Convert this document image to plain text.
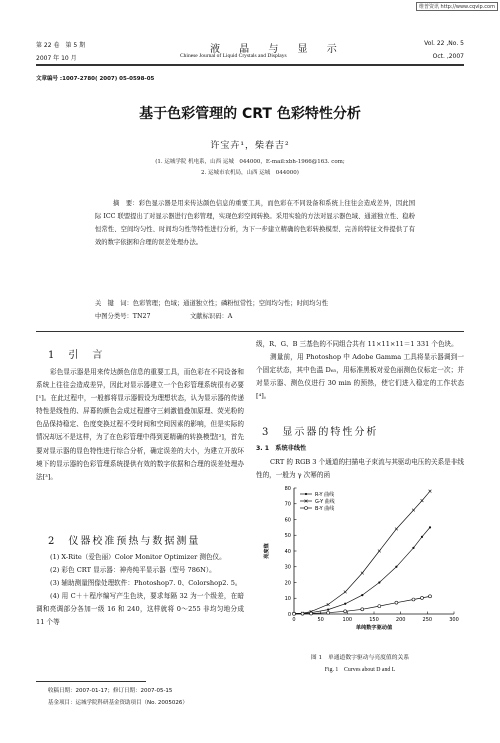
维普资讯 http://www.cqvip.com
第 22 卷　第 5 期
2007 年 10 月
液 晶 与 显 示
Chinese Journal of Liquid Crystals and Displays
Vol. 22 ,No. 5
Oct. ,2007
文章编号 :1007-2780( 2007) 05-0598-05
基于色彩管理的 CRT 色彩特性分析
许宝卉¹，柴春吉²
(1. 运城学院 机电系，山西 运城　044000，E-mail:xbh-1966@163. com;
2. 运城市农机局，山西 运城　044000)
摘　要：彩色显示器是用来传达颜色信息的重要工具，而色彩在不同设备和系统上往往会造成差异，因此国际 ICC 联盟提出了对显示器进行色彩管理，实现色彩空间转换。采用实验的方法对显示器色域、通道独立性、稳粉恒常性、空间均匀性、时间均匀性等特性进行分析，为下一步建立精确的色彩转换模型、完善的特征文件提供了有效的数字依据和合理的误差处理办法。
关　键　词：色彩管理；色域；通道独立性；磷粉恒常性；空间均匀性；时间均匀性
中图分类号：TN27	文献标识码：A
1　引　言
彩色显示器是用来传达颜色信息的重要工具，而色彩在不同设备和系统上往往会造成差异，因此对显示器建立一个色彩管理系统很有必要[¹]。在此过程中，一般都将显示器假设为理想状态，认为显示器的传递特性是线性的、屏幕的颜色会成过程遵守三刺激值叠加原理、荧光粉的色品保持稳定、色度变换过程不受时间和空间因素的影响，但是实际的情况却远不是这样，为了在色彩管理中得到更精确的转换模型[²]，首先要对显示器的显色特性进行综合分析，确定误差的大小，为建立开放环境下的显示器的色彩管理系统提供有效的数字依据和合理的误差处理办法[³]。
2　仪器校准预热与数据测量
(1) X-Rite（爱色丽）Color Monitor Optimizer 测色仪。
(2) 彩色 CRT 显示器：神舟纯平显示器（型号 786N）。
(3) 辅助测量图像处理软件：Photoshop7. 0、Colorshop2. 5。
(4) 用 C＋＋程序编写产生色块，要求每隔 32 为一个级差，在暗调和亮调部分各加一级 16 和 240，这样就将 0～255 非均匀地分成 11 个等
级，R、G、B 三基色的不同组合共有 11×11×11＝1 331 个色块。
测量前，用 Photoshop 中 Adobe Gamma 工具将显示器调到一个固定状态，其中色温 D₆₅，用标准黑板对爱色丽测色仪标定一次；并对显示器、测色仪进行 30 min 的预热，使它们进入稳定的工作状态[⁴]。
3　显示器的特性分析
3. 1　系统非线性
CRT 的 RGB 3 个通道的扫描电子束流与其驱动电压的关系是非线性的，一般为 γ 次幂的函
0	50	100	150	200	250	300
0
10
20
30
40
50
60
70
80
单纯数字驱动值
亮度值
R-Y 曲线
G-Y 曲线
B-Y 曲线
图 1　单通道数字驱动与亮度值的关系
Fig. 1　Curves about D and L
收稿日期：2007-01-17；修订日期：2007-05-15
基金项目：运城学院科研基金资助项目（No. 2005026）
